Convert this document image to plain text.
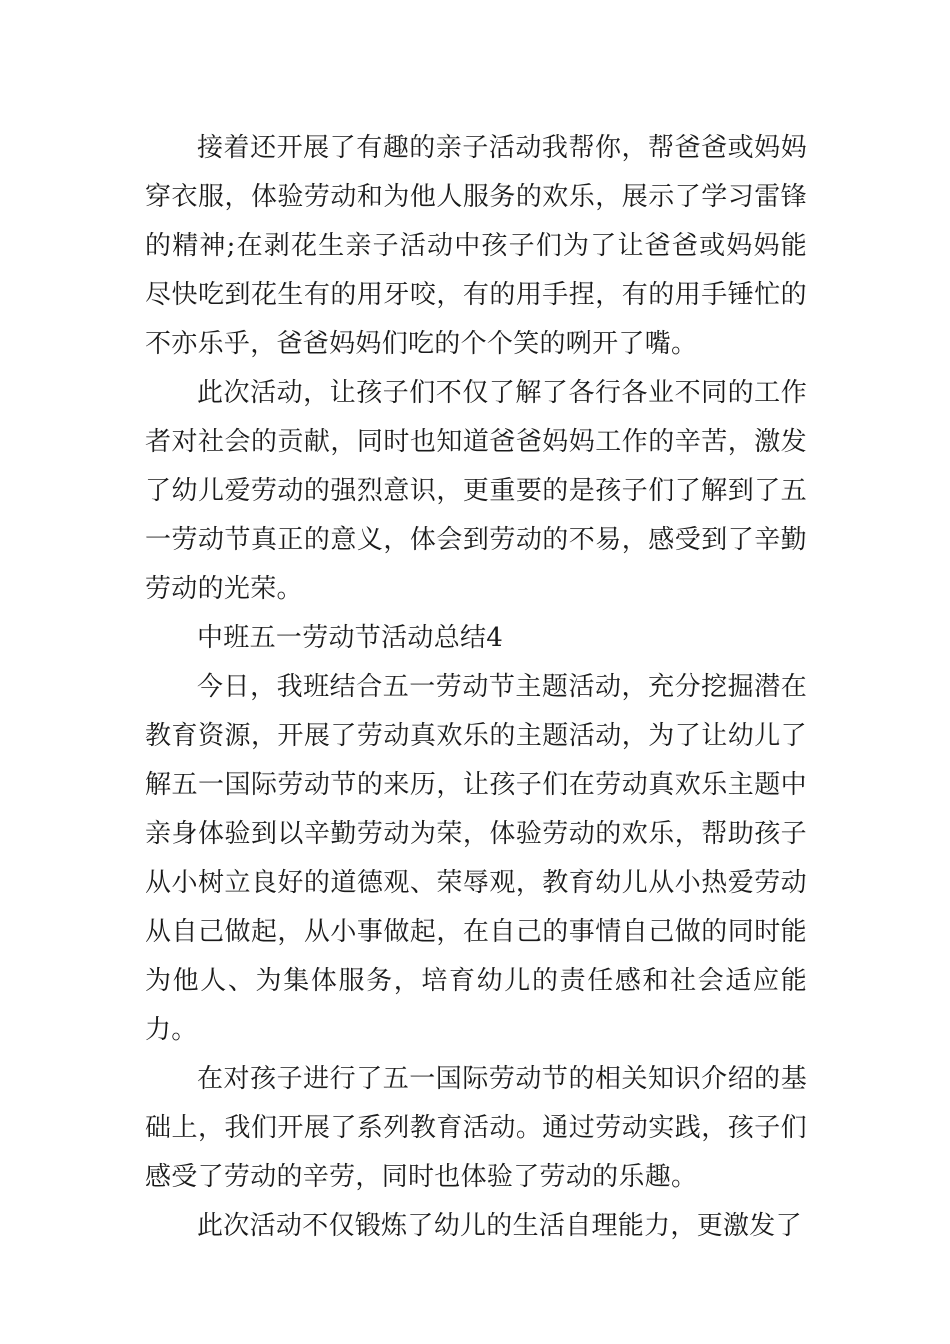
接着还开展了有趣的亲子活动我帮你，帮爸爸或妈妈穿衣服，体验劳动和为他人服务的欢乐，展示了学习雷锋的精神;在剥花生亲子活动中孩子们为了让爸爸或妈妈能尽快吃到花生有的用牙咬，有的用手捏，有的用手锤忙的不亦乐乎，爸爸妈妈们吃的个个笑的咧开了嘴。

此次活动，让孩子们不仅了解了各行各业不同的工作者对社会的贡献，同时也知道爸爸妈妈工作的辛苦，激发了幼儿爱劳动的强烈意识，更重要的是孩子们了解到了五一劳动节真正的意义，体会到劳动的不易，感受到了辛勤劳动的光荣。

中班五一劳动节活动总结4

今日，我班结合五一劳动节主题活动，充分挖掘潜在教育资源，开展了劳动真欢乐的主题活动，为了让幼儿了解五一国际劳动节的来历，让孩子们在劳动真欢乐主题中亲身体验到以辛勤劳动为荣，体验劳动的欢乐，帮助孩子从小树立良好的道德观、荣辱观，教育幼儿从小热爱劳动从自己做起，从小事做起，在自己的事情自己做的同时能为他人、为集体服务，培育幼儿的责任感和社会适应能力。

在对孩子进行了五一国际劳动节的相关知识介绍的基础上，我们开展了系列教育活动。通过劳动实践，孩子们感受了劳动的辛劳，同时也体验了劳动的乐趣。

此次活动不仅锻炼了幼儿的生活自理能力，更激发了
